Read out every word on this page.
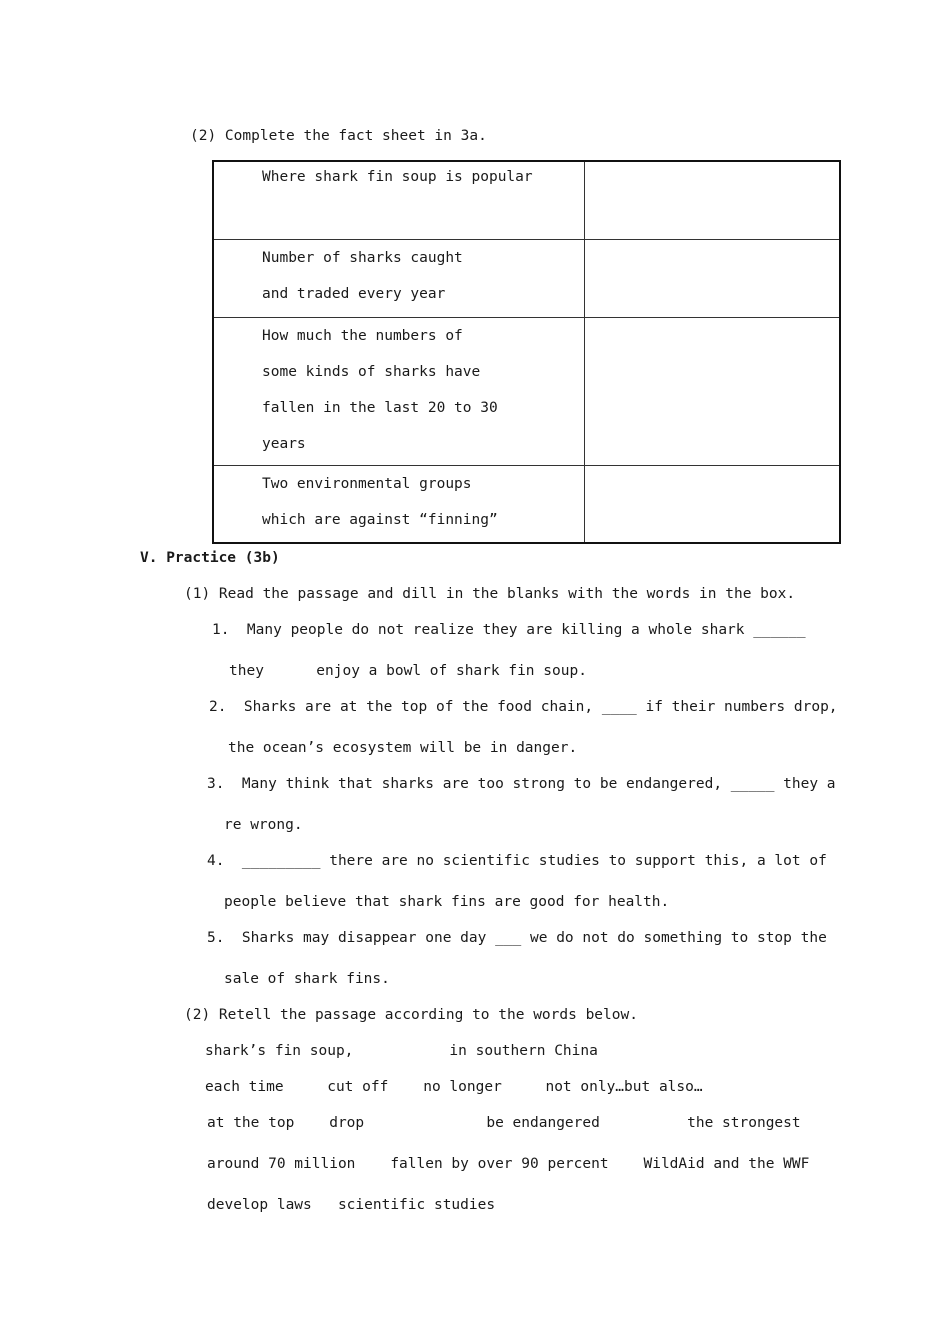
(2) Complete the fact sheet in 3a.
Where shark fin soup is popular	

Number of sharks caught
and traded every year	

How much the numbers of
some kinds of sharks have
fallen in the last 20 to 30
years	

Two environmental groups
which are against “finning”	

V. Practice (3b)
(1) Read the passage and dill in the blanks with the words in the box.
1.  Many people do not realize they are killing a whole shark ______
they      enjoy a bowl of shark fin soup.
2.  Sharks are at the top of the food chain, ____ if their numbers drop,
the ocean’s ecosystem will be in danger.
3.  Many think that sharks are too strong to be endangered, _____ they a
re wrong.
4.  _________ there are no scientific studies to support this, a lot of
people believe that shark fins are good for health.
5.  Sharks may disappear one day ___ we do not do something to stop the
sale of shark fins.
(2) Retell the passage according to the words below.
shark’s fin soup,           in southern China
each time     cut off    no longer     not only…but also…
at the top    drop              be endangered          the strongest
around 70 million    fallen by over 90 percent    WildAid and the WWF
develop laws   scientific studies
